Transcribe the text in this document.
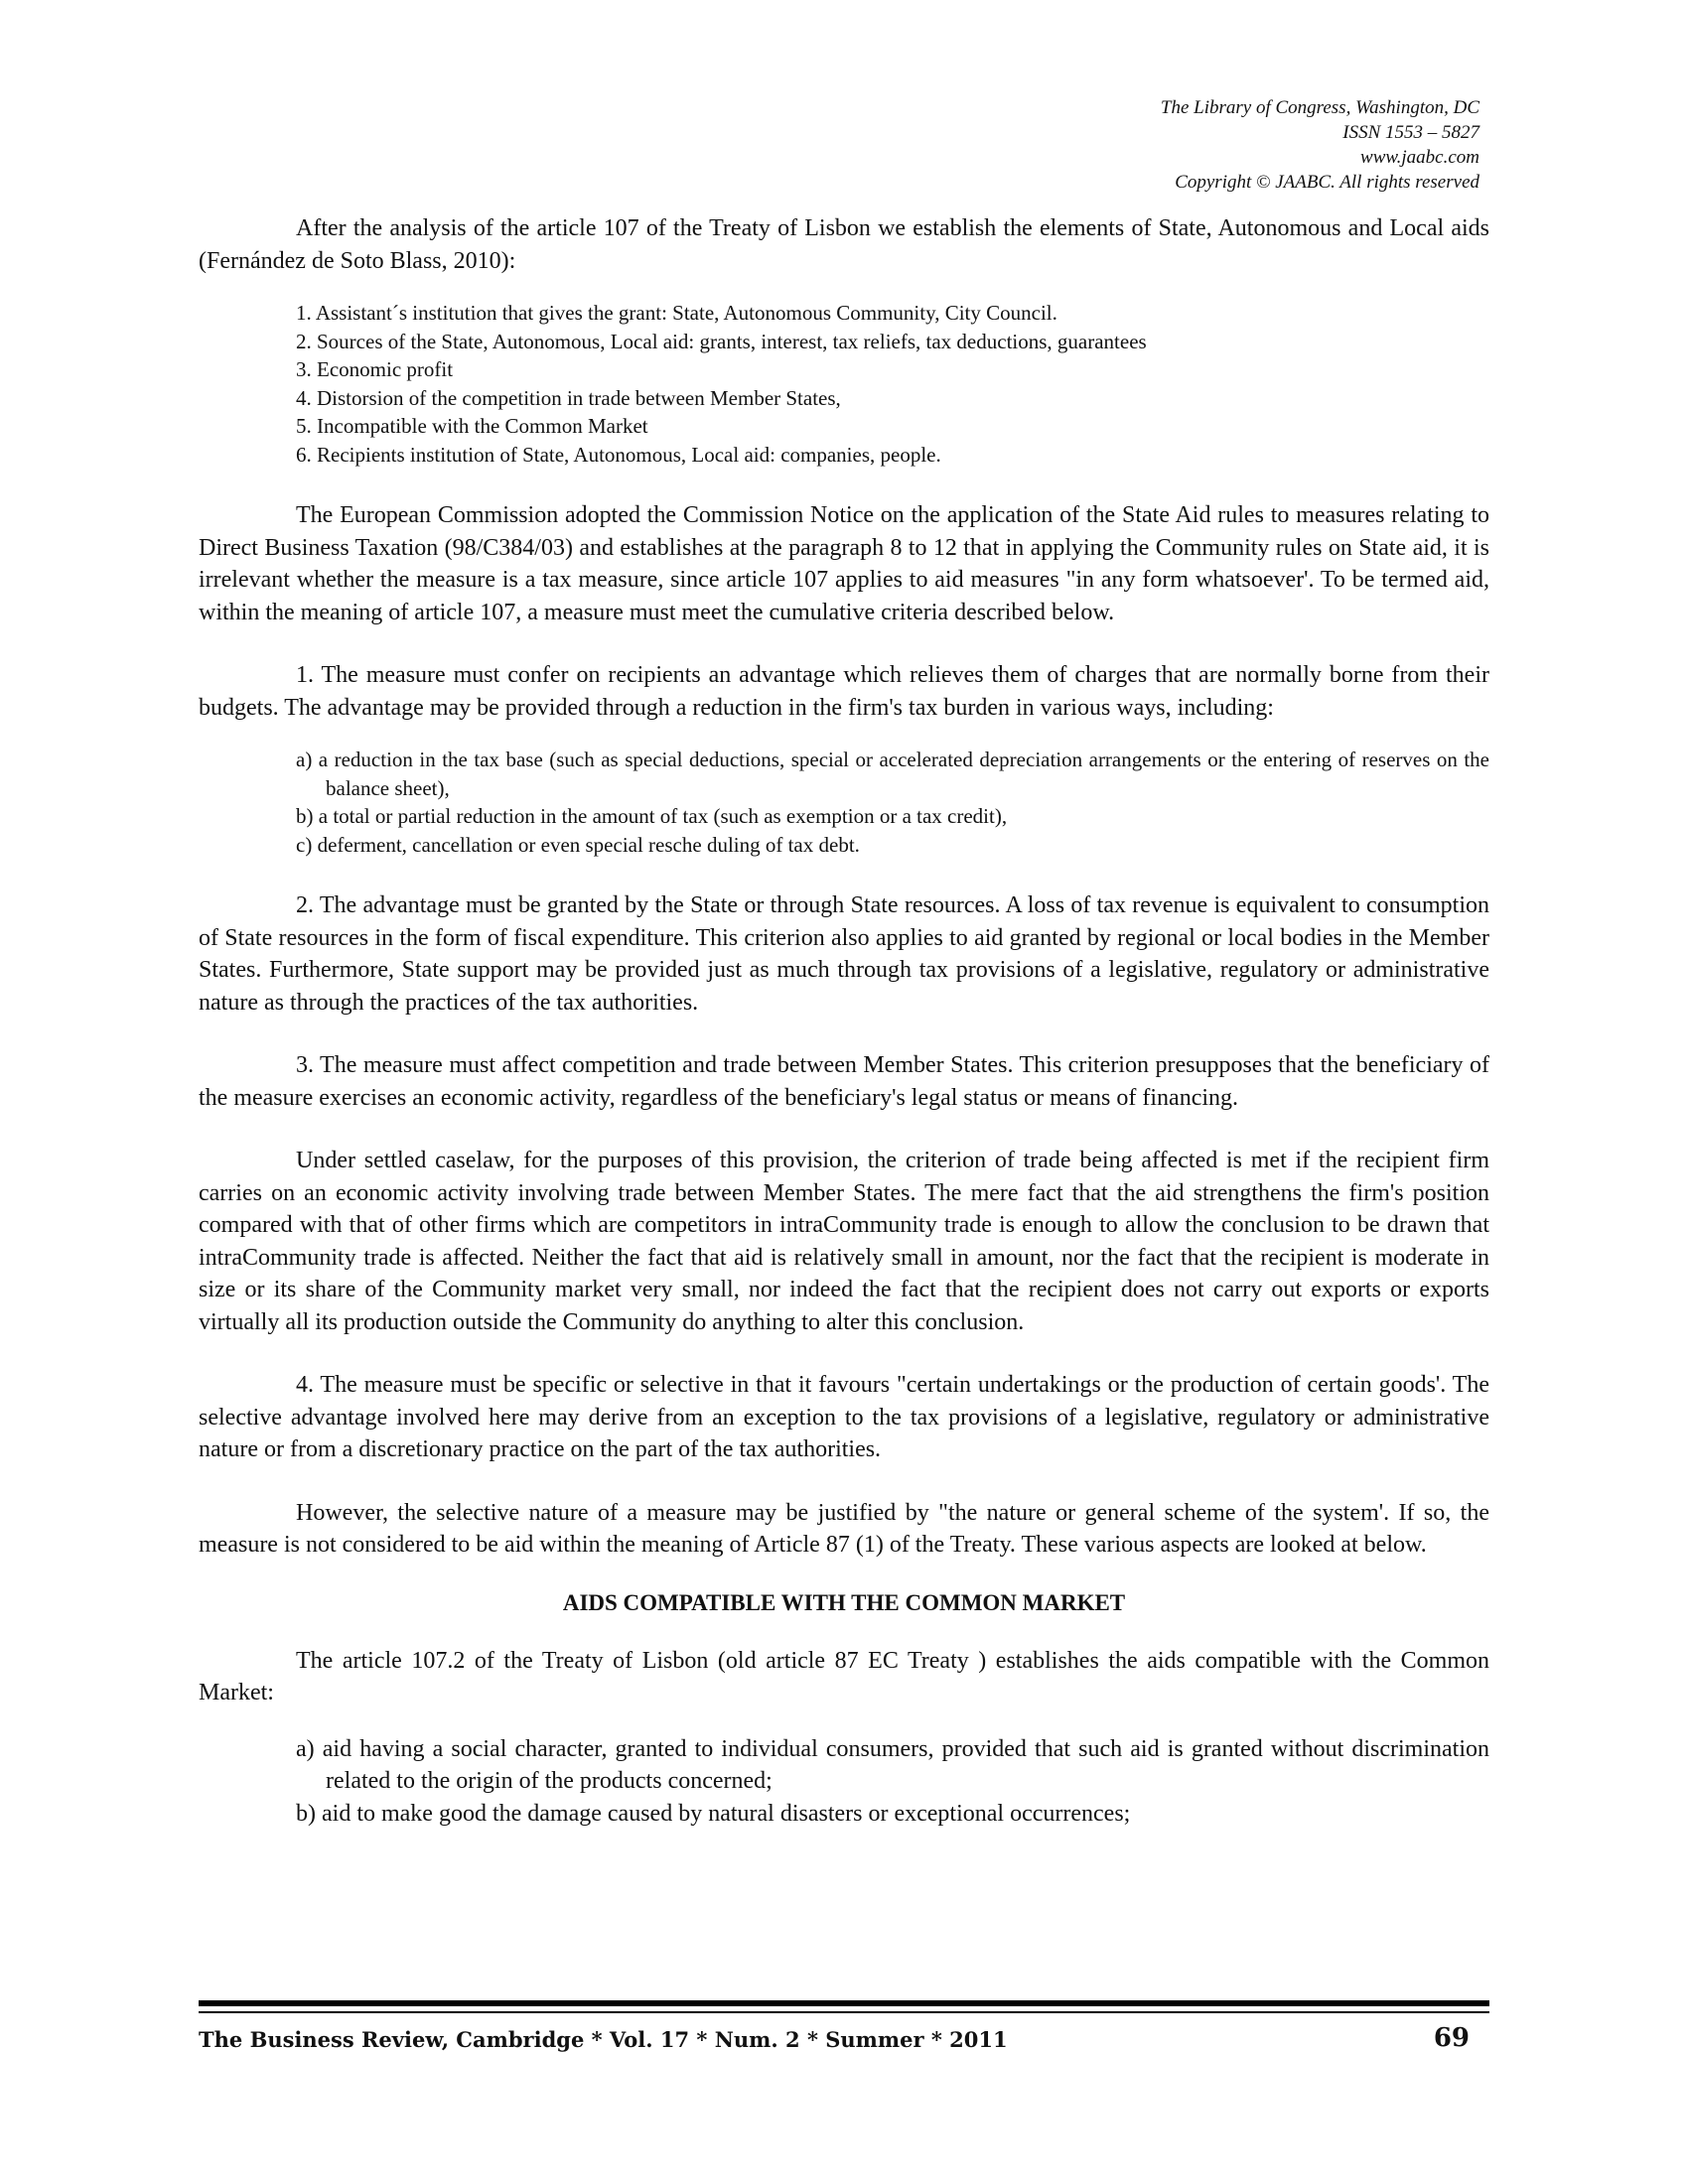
The Library of Congress, Washington, DC
ISSN 1553 – 5827
www.jaabc.com
Copyright © JAABC. All rights reserved

After the analysis of the article 107 of the Treaty of Lisbon we establish the elements of State, Autonomous and Local aids (Fernández de Soto Blass, 2010):

1. Assistant´s institution that gives the grant: State, Autonomous Community, City Council.
2. Sources of the State, Autonomous, Local aid: grants, interest, tax reliefs, tax deductions, guarantees
3. Economic profit
4. Distorsion of the competition in trade between Member States,
5. Incompatible with the Common Market
6. Recipients institution of State, Autonomous, Local aid: companies, people.

The European Commission adopted the Commission Notice on the application of the State Aid rules to measures relating to Direct Business Taxation (98/C384/03) and establishes at the paragraph 8 to 12 that in applying the Community rules on State aid, it is irrelevant whether the measure is a tax measure, since article 107 applies to aid measures "in any form whatsoever'. To be termed aid, within the meaning of article 107, a measure must meet the cumulative criteria described below.

1. The measure must confer on recipients an advantage which relieves them of charges that are normally borne from their budgets. The advantage may be provided through a reduction in the firm's tax burden in various ways, including:

a) a reduction in the tax base (such as special deductions, special or accelerated depreciation arrangements or the entering of reserves on the balance sheet),
b) a total or partial reduction in the amount of tax (such as exemption or a tax credit),
c) deferment, cancellation or even special resche duling of tax debt.

2. The advantage must be granted by the State or through State resources. A loss of tax revenue is equivalent to consumption of State resources in the form of fiscal expenditure. This criterion also applies to aid granted by regional or local bodies in the Member States. Furthermore, State support may be provided just as much through tax provisions of a legislative, regulatory or administrative nature as through the practices of the tax authorities.

3. The measure must affect competition and trade between Member States. This criterion presupposes that the beneficiary of the measure exercises an economic activity, regardless of the beneficiary's legal status or means of financing.

Under settled caselaw, for the purposes of this provision, the criterion of trade being affected is met if the recipient firm carries on an economic activity involving trade between Member States. The mere fact that the aid strengthens the firm's position compared with that of other firms which are competitors in intraCommunity trade is enough to allow the conclusion to be drawn that intraCommunity trade is affected. Neither the fact that aid is relatively small in amount, nor the fact that the recipient is moderate in size or its share of the Community market very small, nor indeed the fact that the recipient does not carry out exports or exports virtually all its production outside the Community do anything to alter this conclusion.

4. The measure must be specific or selective in that it favours "certain undertakings or the production of certain goods'. The selective advantage involved here may derive from an exception to the tax provisions of a legislative, regulatory or administrative nature or from a discretionary practice on the part of the tax authorities.

However, the selective nature of a measure may be justified by "the nature or general scheme of the system'. If so, the measure is not considered to be aid within the meaning of Article 87 (1) of the Treaty. These various aspects are looked at below.

AIDS COMPATIBLE WITH THE COMMON MARKET

The article 107.2 of the Treaty of Lisbon (old article 87 EC Treaty ) establishes the aids compatible with the Common Market:

a) aid having a social character, granted to individual consumers, provided that such aid is granted without discrimination related to the origin of the products concerned;
b) aid to make good the damage caused by natural disasters or exceptional occurrences;
The Business Review, Cambridge * Vol. 17 * Num. 2 * Summer * 2011	69
